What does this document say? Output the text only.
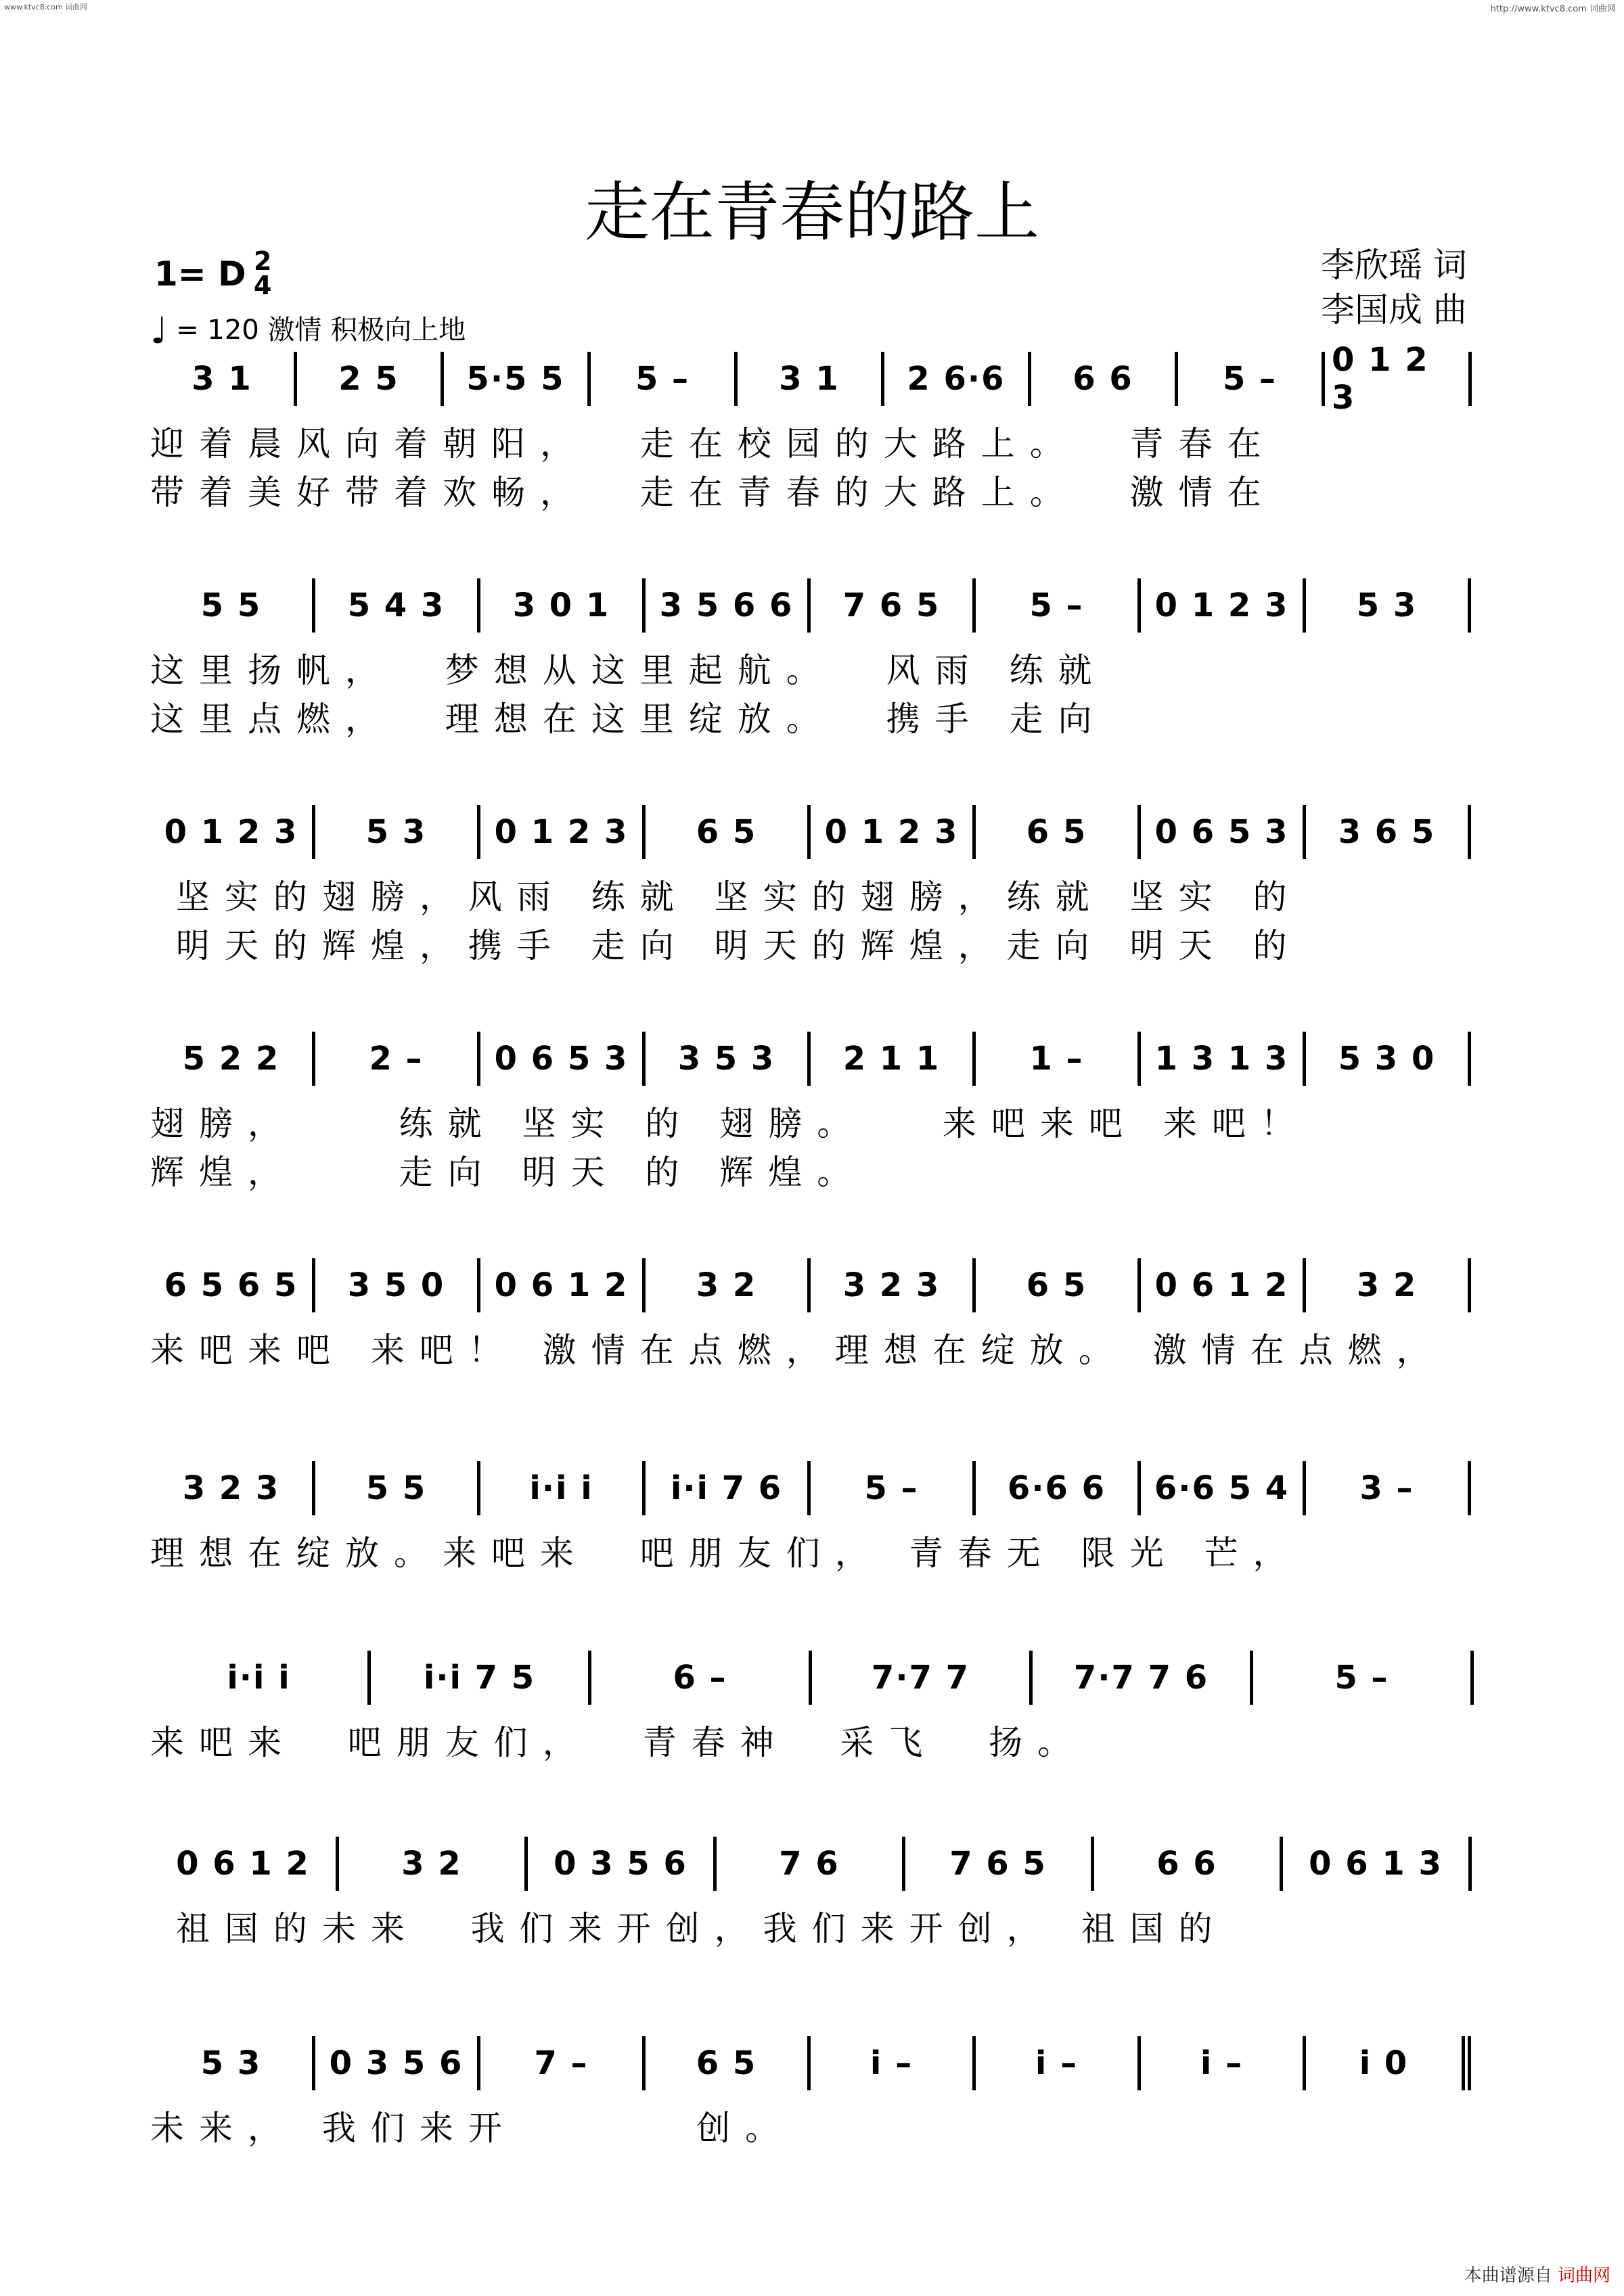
www.ktvc8.com 词曲网	http://www.ktvc8.com 词曲网
走在青春的路上
1= D 2
4
♩ = 120 激情 积极向上地
李欣瑶 词
李国成 曲
3 1	2 5	5·5 5	5 –	3 1	2 6·6	6 6	5 –	0 1 2 3
迎着晨风向着朝阳，  走在校园的大路上。  青春在
带着美好带着欢畅，  走在青春的大路上。  激情在
5 5	5 4 3	3 0 1	3 5 6 6	7 6 5	5 –	0 1 2 3	5 3
这里扬帆，  梦想从这里起航。  风雨 练就
这里点燃，  理想在这里绽放。  携手 走向
0 1 2 3	5 3	0 1 2 3	6 5	0 1 2 3	6 5	0 6 5 3	3 6 5
坚实的翅膀，风雨 练就 坚实的翅膀，练就 坚实 的
明天的辉煌，携手 走向 明天的辉煌，走向 明天 的
5 2 2	2 –	0 6 5 3	3 5 3	2 1 1	1 –	1 3 1 3	5 3 0
翅膀，    练就 坚实 的 翅膀。   来吧来吧 来吧！
辉煌，    走向 明天 的 辉煌。
6 5 6 5	3 5 0	0 6 1 2	3 2	3 2 3	6 5	0 6 1 2	3 2
来吧来吧 来吧！ 激情在点燃，理想在绽放。 激情在点燃，
3 2 3	5 5	i·i i	i·i 7 6	5 –	6·6 6	6·6 5 4	3 –
理想在绽放。来吧来  吧朋友们， 青春无 限光 芒，
i·i i	i·i 7 5	6 –	7·7 7	7·7 7 6	5 –
来吧来  吧朋友们，  青春神  采飞  扬。
0 6 1 2	3 2	0 3 5 6	7 6	7 6 5	6 6	0 6 1 3
祖国的未来  我们来开创，我们来开创， 祖国的
5 3	0 3 5 6	7 –	6 5	i –	i –	i –	i 0
未来， 我们来开       创。
本曲谱源自 词曲网
